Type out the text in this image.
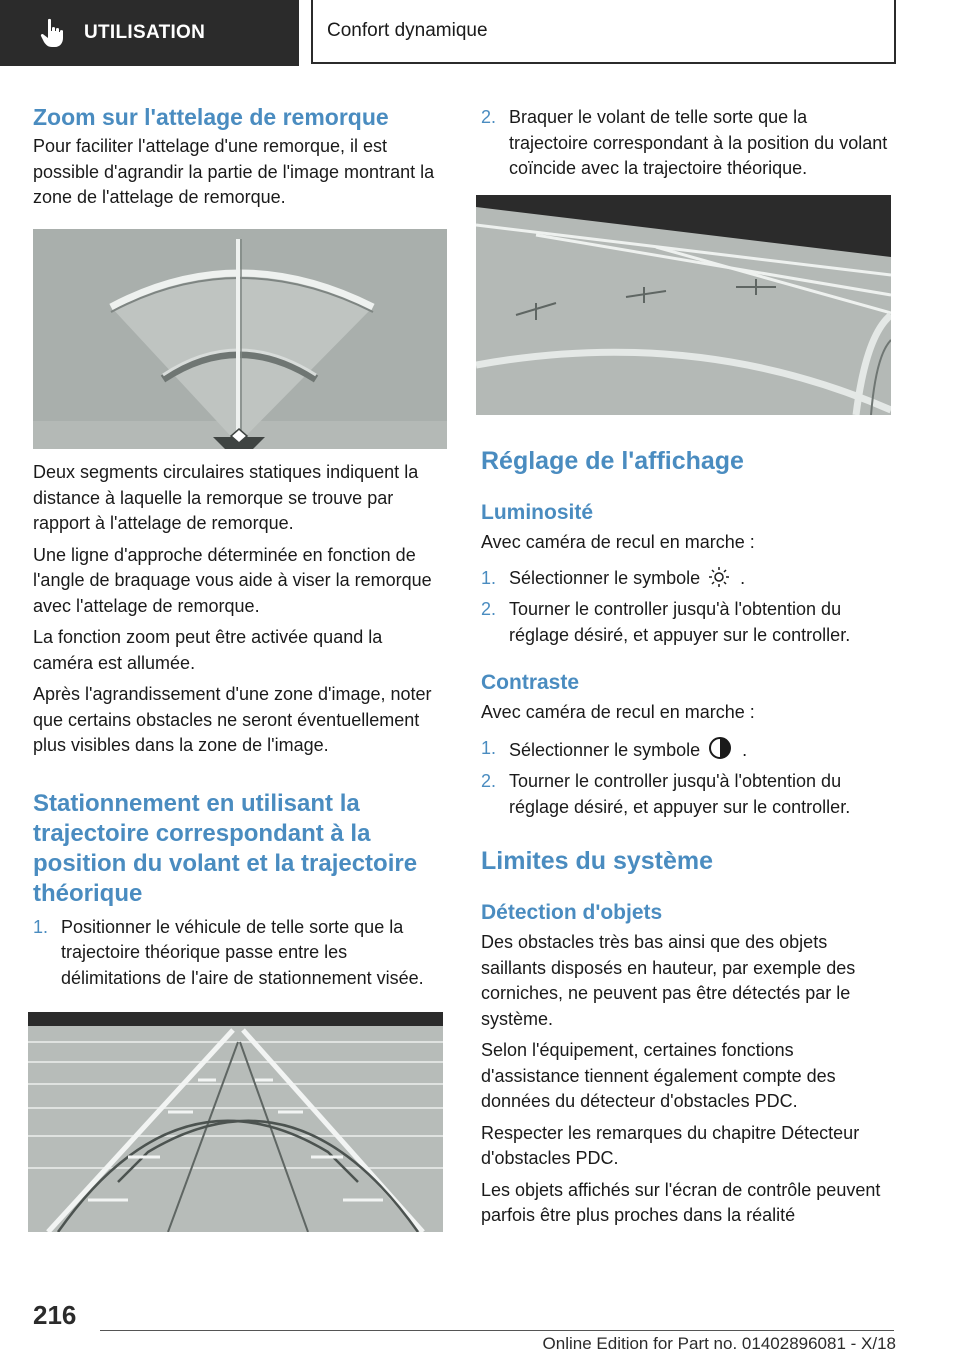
UTILISATION	Confort dynamique
Zoom sur l'attelage de remorque

Pour faciliter l'attelage d'une remorque, il est possible d'agrandir la partie de l'image montrant la zone de l'attelage de remorque.

Deux segments circulaires statiques indiquent la distance à laquelle la remorque se trouve par rapport à l'attelage de remorque.

Une ligne d'approche déterminée en fonction de l'angle de braquage vous aide à viser la remorque avec l'attelage de remorque.

La fonction zoom peut être activée quand la caméra est allumée.

Après l'agrandissement d'une zone d'image, noter que certains obstacles ne seront éventuellement plus visibles dans la zone de l'image.

Stationnement en utilisant la trajectoire correspondant à la position du volant et la trajectoire théorique
1. Positionner le véhicule de telle sorte que la trajectoire théorique passe entre les délimitations de l'aire de stationnement visée.
2. Braquer le volant de telle sorte que la trajectoire correspondant à la position du volant coïncide avec la trajectoire théorique.
Réglage de l'affichage
Luminosité

Avec caméra de recul en marche :

1. Sélectionner le symbole .
2. Tourner le controller jusqu'à l'obtention du réglage désiré, et appuyer sur le controller.
Contraste

Avec caméra de recul en marche :

1. Sélectionner le symbole .
2. Tourner le controller jusqu'à l'obtention du réglage désiré, et appuyer sur le controller.
Limites du système
Détection d'objets

Des obstacles très bas ainsi que des objets saillants disposés en hauteur, par exemple des corniches, ne peuvent pas être détectés par le système.

Selon l'équipement, certaines fonctions d'assistance tiennent également compte des données du détecteur d'obstacles PDC.

Respecter les remarques du chapitre Détecteur d'obstacles PDC.

Les objets affichés sur l'écran de contrôle peuvent parfois être plus proches dans la réalité

216
Online Edition for Part no. 01402896081 - X/18
